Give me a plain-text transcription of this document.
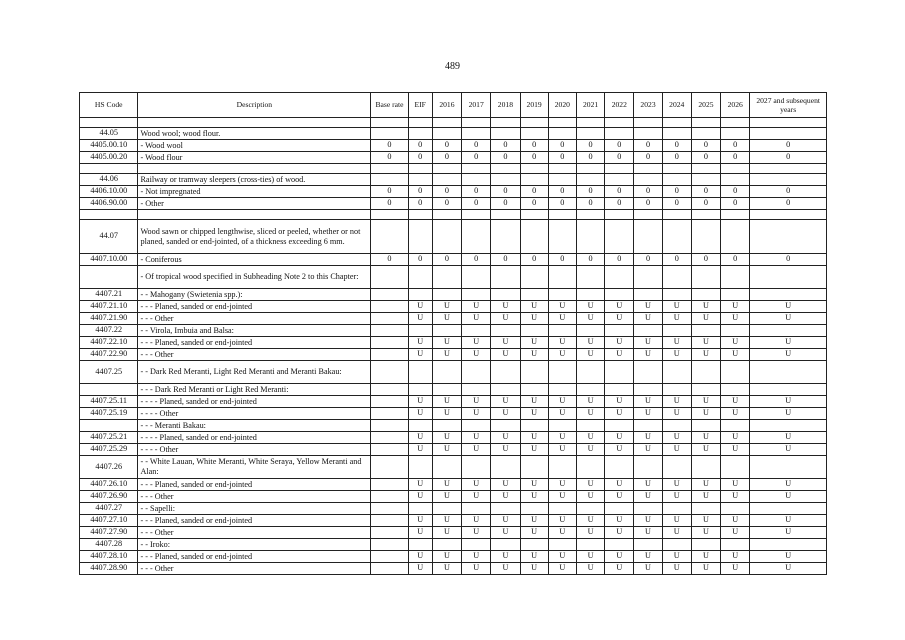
489
HS Code	Description	Base rate	EIF	2016	2017	2018	2019	2020	2021	2022	2023	2024	2025	2026	2027 and subsequent years

44.05	Wood wool; wood flour.														
4405.00.10	- Wood wool	0	0	0	0	0	0	0	0	0	0	0	0	0	0
4405.00.20	- Wood flour	0	0	0	0	0	0	0	0	0	0	0	0	0	0

44.06	Railway or tramway sleepers (cross-ties) of wood.														
4406.10.00	- Not impregnated	0	0	0	0	0	0	0	0	0	0	0	0	0	0
4406.90.00	- Other	0	0	0	0	0	0	0	0	0	0	0	0	0	0

44.07	Wood sawn or chipped lengthwise, sliced or peeled, whether or not planed, sanded or end-jointed, of a thickness exceeding 6 mm.														
4407.10.00	- Coniferous	0	0	0	0	0	0	0	0	0	0	0	0	0	0
	- Of tropical wood specified in Subheading Note 2 to this Chapter:														
4407.21	- - Mahogany (Swietenia spp.):														
4407.21.10	- - - Planed, sanded or end-jointed		U	U	U	U	U	U	U	U	U	U	U	U	U
4407.21.90	- - - Other		U	U	U	U	U	U	U	U	U	U	U	U	U
4407.22	- - Virola, Imbuia and Balsa:														
4407.22.10	- - - Planed, sanded or end-jointed		U	U	U	U	U	U	U	U	U	U	U	U	U
4407.22.90	- - - Other		U	U	U	U	U	U	U	U	U	U	U	U	U
4407.25	- - Dark Red Meranti, Light Red Meranti and Meranti Bakau:														
	- - - Dark Red Meranti or Light Red Meranti:														
4407.25.11	- - - - Planed, sanded or end-jointed		U	U	U	U	U	U	U	U	U	U	U	U	U
4407.25.19	- - - - Other		U	U	U	U	U	U	U	U	U	U	U	U	U
	- - - Meranti Bakau:														
4407.25.21	- - - - Planed, sanded or end-jointed		U	U	U	U	U	U	U	U	U	U	U	U	U
4407.25.29	- - - - Other		U	U	U	U	U	U	U	U	U	U	U	U	U
4407.26	- - White Lauan, White Meranti, White Seraya, Yellow Meranti and Alan:														
4407.26.10	- - - Planed, sanded or end-jointed		U	U	U	U	U	U	U	U	U	U	U	U	U
4407.26.90	- - - Other		U	U	U	U	U	U	U	U	U	U	U	U	U
4407.27	- - Sapelli:														
4407.27.10	- - - Planed, sanded or end-jointed		U	U	U	U	U	U	U	U	U	U	U	U	U
4407.27.90	- - - Other		U	U	U	U	U	U	U	U	U	U	U	U	U
4407.28	- - Iroko:														
4407.28.10	- - - Planed, sanded or end-jointed		U	U	U	U	U	U	U	U	U	U	U	U	U
4407.28.90	- - - Other		U	U	U	U	U	U	U	U	U	U	U	U	U
